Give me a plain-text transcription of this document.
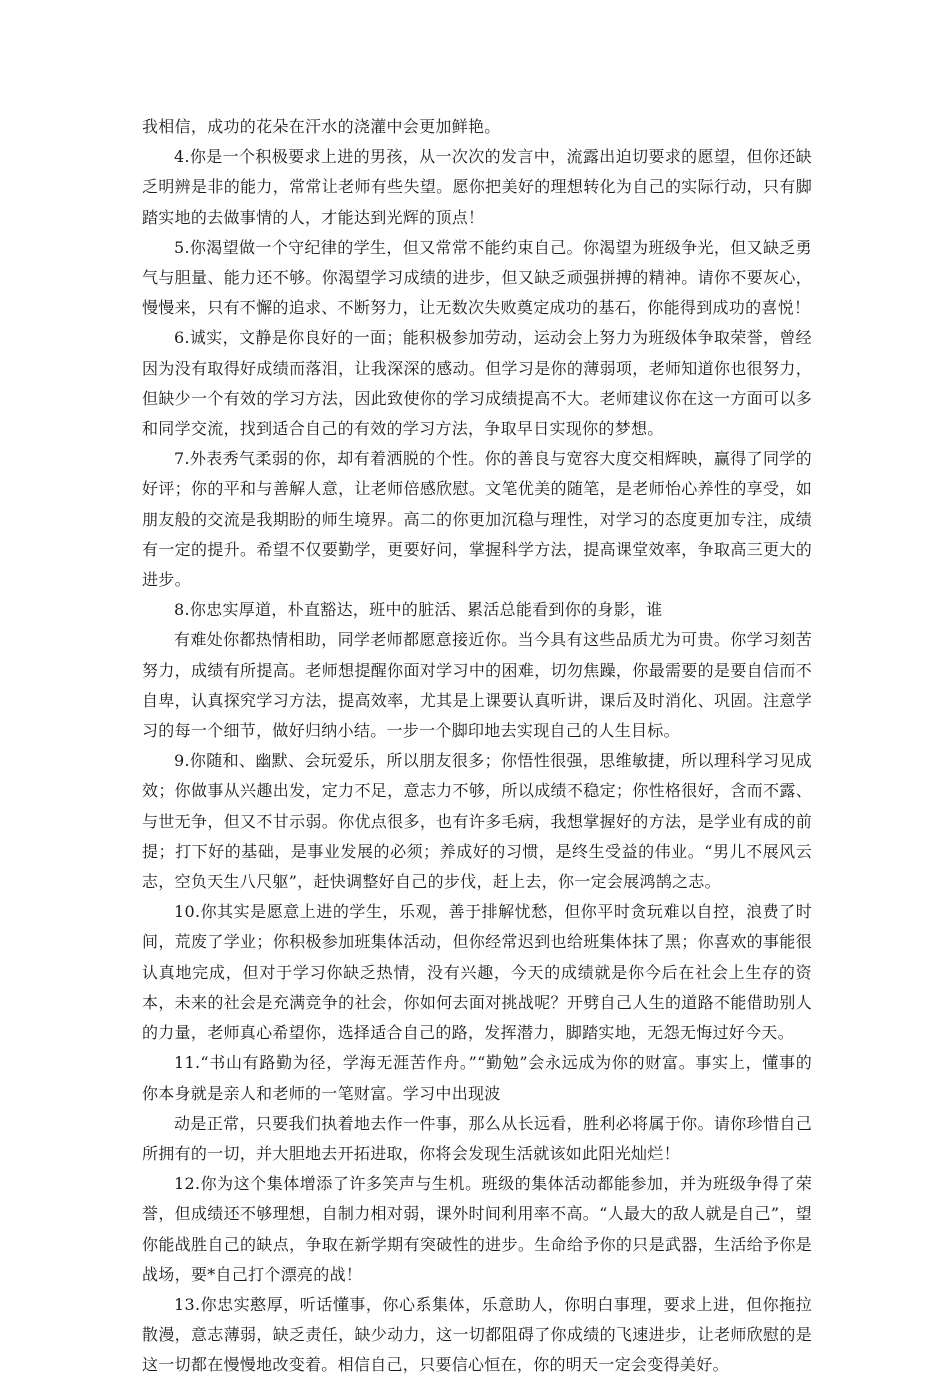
我相信，成功的花朵在汗水的浇灌中会更加鲜艳。

4.你是一个积极要求上进的男孩，从一次次的发言中，流露出迫切要求的愿望，但你还缺乏明辨是非的能力，常常让老师有些失望。愿你把美好的理想转化为自己的实际行动，只有脚踏实地的去做事情的人，才能达到光辉的顶点！

5.你渴望做一个守纪律的学生，但又常常不能约束自己。你渴望为班级争光，但又缺乏勇气与胆量、能力还不够。你渴望学习成绩的进步，但又缺乏顽强拼搏的精神。请你不要灰心，慢慢来，只有不懈的追求、不断努力，让无数次失败奠定成功的基石，你能得到成功的喜悦！

6.诚实，文静是你良好的一面；能积极参加劳动，运动会上努力为班级体争取荣誉，曾经因为没有取得好成绩而落泪，让我深深的感动。但学习是你的薄弱项，老师知道你也很努力，但缺少一个有效的学习方法，因此致使你的学习成绩提高不大。老师建议你在这一方面可以多和同学交流，找到适合自己的有效的学习方法，争取早日实现你的梦想。

7.外表秀气柔弱的你，却有着洒脱的个性。你的善良与宽容大度交相辉映，赢得了同学的好评；你的平和与善解人意，让老师倍感欣慰。文笔优美的随笔，是老师怡心养性的享受，如朋友般的交流是我期盼的师生境界。高二的你更加沉稳与理性，对学习的态度更加专注，成绩有一定的提升。希望不仅要勤学，更要好问，掌握科学方法，提高课堂效率，争取高三更大的进步。

8.你忠实厚道，朴直豁达，班中的脏活、累活总能看到你的身影，谁

有难处你都热情相助，同学老师都愿意接近你。当今具有这些品质尤为可贵。你学习刻苦努力，成绩有所提高。老师想提醒你面对学习中的困难，切勿焦躁，你最需要的是要自信而不自卑，认真探究学习方法，提高效率，尤其是上课要认真听讲，课后及时消化、巩固。注意学习的每一个细节，做好归纳小结。一步一个脚印地去实现自己的人生目标。

9.你随和、幽默、会玩爱乐，所以朋友很多；你悟性很强，思维敏捷，所以理科学习见成效；你做事从兴趣出发，定力不足，意志力不够，所以成绩不稳定；你性格很好，含而不露、与世无争，但又不甘示弱。你优点很多，也有许多毛病，我想掌握好的方法，是学业有成的前提；打下好的基础，是事业发展的必须；养成好的习惯，是终生受益的伟业。“男儿不展风云志，空负天生八尺躯”，赶快调整好自己的步伐，赶上去，你一定会展鸿鹄之志。

10.你其实是愿意上进的学生，乐观，善于排解忧愁，但你平时贪玩难以自控，浪费了时间，荒废了学业；你积极参加班集体活动，但你经常迟到也给班集体抹了黑；你喜欢的事能很认真地完成，但对于学习你缺乏热情，没有兴趣，今天的成绩就是你今后在社会上生存的资本，未来的社会是充满竞争的社会，你如何去面对挑战呢？开劈自己人生的道路不能借助别人的力量，老师真心希望你，选择适合自己的路，发挥潜力，脚踏实地，无怨无悔过好今天。

11.“书山有路勤为径，学海无涯苦作舟。”“勤勉”会永远成为你的财富。事实上，懂事的你本身就是亲人和老师的一笔财富。学习中出现波

动是正常，只要我们执着地去作一件事，那么从长远看，胜利必将属于你。请你珍惜自己所拥有的一切，并大胆地去开拓进取，你将会发现生活就该如此阳光灿烂！

12.你为这个集体增添了许多笑声与生机。班级的集体活动都能参加，并为班级争得了荣誉，但成绩还不够理想，自制力相对弱，课外时间利用率不高。“人最大的敌人就是自己”，望你能战胜自己的缺点，争取在新学期有突破性的进步。生命给予你的只是武器，生活给予你是战场，要*自己打个漂亮的战！

13.你忠实憨厚，听话懂事，你心系集体，乐意助人，你明白事理，要求上进，但你拖拉散漫，意志薄弱，缺乏责任，缺少动力，这一切都阻碍了你成绩的飞速进步，让老师欣慰的是这一切都在慢慢地改变着。相信自己，只要信心恒在，你的明天一定会变得美好。
